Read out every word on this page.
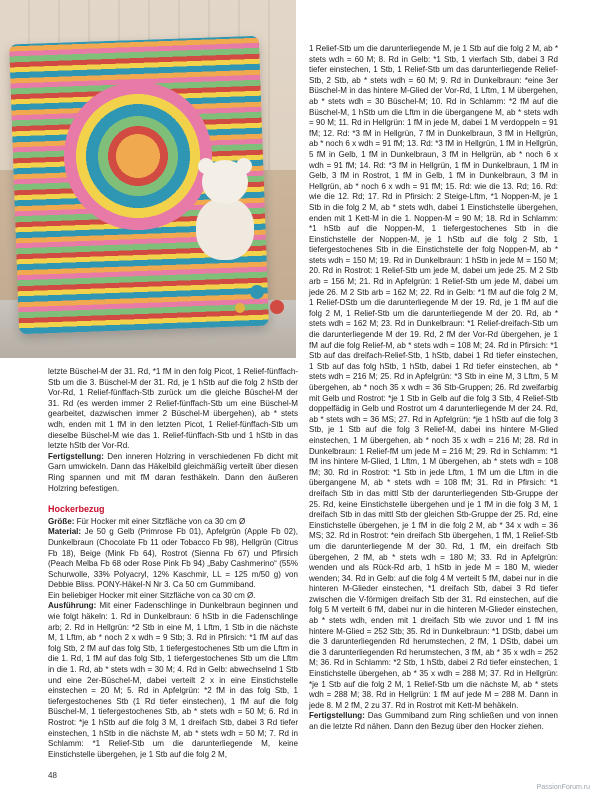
letzte Büschel-M der 31. Rd, *1 fM in den folg Picot, 1 Relief-fünffach-Stb um die 3. Büschel-M der 31. Rd, je 1 hStb auf die folg 2 hStb der Vor-Rd, 1 Relief-fünffach-Stb zurück um die gleiche Büschel-M der 31. Rd (es werden immer 2 Relief-fünffach-Stb um eine Büschel-M gearbeitet, dazwischen immer 2 Büschel-M übergehen), ab * stets wdh, enden mit 1 fM in den letzten Picot, 1 Relief-fünffach-Stb um dieselbe Büschel-M wie das 1. Relief-fünffach-Stb und 1 hStb in das letzte hStb der Vor-Rd.

Fertigstellung: Den inneren Holzring in verschiedenen Fb dicht mit Garn umwickeln. Dann das Häkelbild gleichmäßig verteilt über diesen Ring spannen und mit fM daran festhäkeln. Dann den äußeren Holzring befestigen.

Hockerbezug

Größe: Für Hocker mit einer Sitzfläche von ca 30 cm Ø

Material: Je 50 g Gelb (Primrose Fb 01), Apfelgrün (Apple Fb 02), Dunkelbraun (Chocolate Fb 11 oder Tobacco Fb 98), Hellgrün (Citrus Fb 18), Beige (Mink Fb 64), Rostrot (Sienna Fb 67) und Pfirsich (Peach Melba Fb 68 oder Rose Pink Fb 94) „Baby Cashmerino“ (55% Schurwolle, 33% Polyacryl, 12% Kaschmir, LL = 125 m/50 g) von Debbie Bliss. PONY-Häkel-N Nr 3. Ca 50 cm Gummiband.

Ein beliebiger Hocker mit einer Sitzfläche von ca 30 cm Ø.

Ausführung: Mit einer Fadenschlinge in Dunkelbraun beginnen und wie folgt häkeln: 1. Rd in Dunkelbraun: 6 hStb in die Fadenschlinge arb; 2. Rd in Hellgrün: *2 Stb in eine M, 1 Lftm, 1 Stb in die nächste M, 1 Lftm, ab * noch 2 x wdh = 9 Stb; 3. Rd in Pfirsich: *1 fM auf das folg Stb, 2 fM auf das folg Stb, 1 tiefergestochenes Stb um die Lftm in die 1. Rd, 1 fM auf das folg Stb, 1 tiefergestochenes Stb um die Lftm in die 1. Rd, ab * stets wdh = 30 M; 4. Rd in Gelb: abwechselnd 1 Stb und eine 2er-Büschel-M, dabei verteilt 2 x in eine Einstichstelle einstechen = 20 M; 5. Rd in Apfelgrün: *2 fM in das folg Stb, 1 tiefergestochenes Stb (1 Rd tiefer einstechen), 1 fM auf die folg Büschel-M, 1 tiefergestochenes Stb, ab * stets wdh = 50 M; 6. Rd in Rostrot: *je 1 hStb auf die folg 3 M, 1 dreifach Stb, dabei 3 Rd tiefer einstechen, 1 hStb in die nächste M, ab * stets wdh = 50 M; 7. Rd in Schlamm: *1 Relief-Stb um die darunterliegende M, keine Einstichstelle übergehen, je 1 Stb auf die folg 2 M,

1 Relief-Stb um die darunterliegende M, je 1 Stb auf die folg 2 M, ab * stets wdh = 60 M; 8. Rd in Gelb: *1 Stb, 1 vierfach Stb, dabei 3 Rd tiefer einstechen, 1 Stb, 1 Relief-Stb um das darunterliegende Relief-Stb, 2 Stb, ab * stets wdh = 60 M; 9. Rd in Dunkelbraun: *eine 3er Büschel-M in das hintere M-Glied der Vor-Rd, 1 Lftm, 1 M übergehen, ab * stets wdh = 30 Büschel-M; 10. Rd in Schlamm: *2 fM auf die Büschel-M, 1 hStb um die Lftm in die übergangene M, ab * stets wdh = 90 M; 11. Rd in Hellgrün: 1 fM in jede M, dabei 1 M verdoppeln = 91 fM; 12. Rd: *3 fM in Hellgrün, 7 fM in Dunkelbraun, 3 fM in Hellgrün, ab * noch 6 x wdh = 91 fM; 13. Rd: *3 fM in Hellgrün, 1 fM in Hellgrün, 5 fM in Gelb, 1 fM in Dunkelbraun, 3 fM in Hellgrün, ab * noch 6 x wdh = 91 fM; 14. Rd: *3 fM in Hellgrün, 1 fM in Dunkelbraun, 1 fM in Gelb, 3 fM in Rostrot, 1 fM in Gelb, 1 fM in Dunkelbraun, 3 fM in Hellgrün, ab * noch 6 x wdh = 91 fM; 15. Rd: wie die 13. Rd; 16. Rd: wie die 12. Rd; 17. Rd in Pfirsich: 2 Steige-Lftm, *1 Noppen-M, je 1 Stb in die folg 2 M, ab * stets wdh, dabei 1 Einstichstelle übergehen, enden mit 1 Kett-M in die 1. Noppen-M = 90 M; 18. Rd in Schlamm: *1 hStb auf die Noppen-M, 1 tiefergestochenes Stb in die Einstichstelle der Noppen-M, je 1 hStb auf die folg 2 Stb, 1 tiefergestochenes Stb in die Einstichstelle der folg Noppen-M, ab * stets wdh = 150 M; 19. Rd in Dunkelbraun: 1 hStb in jede M = 150 M; 20. Rd in Rostrot: 1 Relief-Stb um jede M, dabei um jede 25. M 2 Stb arb = 156 M; 21. Rd in Apfelgrün: 1 Relief-Stb um jede M, dabei um jede 26. M 2 Stb arb = 162 M; 22. Rd in Gelb: *1 fM auf die folg 2 M, 1 Relief-DStb um die darunterliegende M der 19. Rd, je 1 fM auf die folg 2 M, 1 Relief-Stb um die darunterliegende M der 20. Rd, ab * stets wdh = 162 M; 23. Rd in Dunkelbraun: *1 Relief-dreifach-Stb um die darunterliegende M der 19. Rd, 2 fM der Vor-Rd übergehen, je 1 fM auf die folg Relief-M, ab * stets wdh = 108 M; 24. Rd in Pfirsich: *1 Stb auf das dreifach-Relief-Stb, 1 hStb, dabei 1 Rd tiefer einstechen, 1 Stb auf das folg hStb, 1 hStb, dabei 1 Rd tiefer einstechen, ab * stets wdh = 216 M; 25. Rd in Apfelgrün: *3 Stb in eine M, 3 Lftm, 5 M übergehen, ab * noch 35 x wdh = 36 Stb-Gruppen; 26. Rd zweifarbig mit Gelb und Rostrot: *je 1 Stb in Gelb auf die folg 3 Stb, 4 Relief-Stb doppelfädig in Gelb und Rostrot um 4 darunterliegende M der 24. Rd, ab * stets wdh = 36 MS; 27. Rd in Apfelgrün: *je 1 hStb auf die folg 3 Stb, je 1 Stb auf die folg 3 Relief-M, dabei ins hintere M-Glied einstechen, 1 M übergehen, ab * noch 35 x wdh = 216 M; 28. Rd in Dunkelbraun: 1 Relief-fM um jede M = 216 M; 29. Rd in Schlamm: *1 fM ins hintere M-Glied, 1 Lftm, 1 M übergehen, ab * stets wdh = 108 fM; 30. Rd in Rostrot: *1 Stb in jede Lftm, 1 fM um die Lftm in die übergangene M, ab * stets wdh = 108 fM; 31. Rd in Pfirsich: *1 dreifach Stb in das mittl Stb der darunterliegenden Stb-Gruppe der 25. Rd, keine Einstichstelle übergehen und je 1 fM in die folg 3 M, 1 dreifach Stb in das mittl Stb der gleichen Stb-Gruppe der 25. Rd, eine Einstichstelle übergehen, je 1 fM in die folg 2 M, ab * 34 x wdh = 36 MS; 32. Rd in Rostrot: *ein dreifach Stb übergehen, 1 fM, 1 Relief-Stb um die darunterliegende M der 30. Rd, 1 fM, ein dreifach Stb übergehen, 2 fM, ab * stets wdh = 180 M; 33. Rd in Apfelgrün: wenden und als Rück-Rd arb, 1 hStb in jede M = 180 M, wieder wenden; 34. Rd in Gelb: auf die folg 4 M verteilt 5 fM, dabei nur in die hinteren M-Glieder einstechen, *1 dreifach Stb, dabei 3 Rd tiefer zwischen die V-förmigen dreifach Stb der 31. Rd einstechen, auf die folg 5 M verteilt 6 fM, dabei nur in die hinteren M-Glieder einstechen, ab * stets wdh, enden mit 1 dreifach Stb wie zuvor und 1 fM ins hintere M-Glied = 252 Stb; 35. Rd in Dunkelbraun: *1 DStb, dabei um die 3 darunterliegenden Rd herumstechen, 2 fM, 1 DStb, dabei um die 3 darunterliegenden Rd herumstechen, 3 fM, ab * 35 x wdh = 252 M; 36. Rd in Schlamm: *2 Stb, 1 hStb, dabei 2 Rd tiefer einstechen, 1 Einstichstelle übergehen, ab * 35 x wdh = 288 M; 37. Rd in Hellgrün: *je 1 Stb auf die folg 2 M, 1 Relief-Stb um die nächste M, ab * stets wdh = 288 M; 38. Rd in Hellgrün: 1 fM auf jede M = 288 M. Dann in jede 8. M 2 fM, 2 zu 37. Rd in Rostrot mit Kett-M behäkeln.

Fertigstellung: Das Gummiband zum Ring schließen und von innen an die letzte Rd nähen. Dann den Bezug über den Hocker ziehen.

48
PassionForum.ru
